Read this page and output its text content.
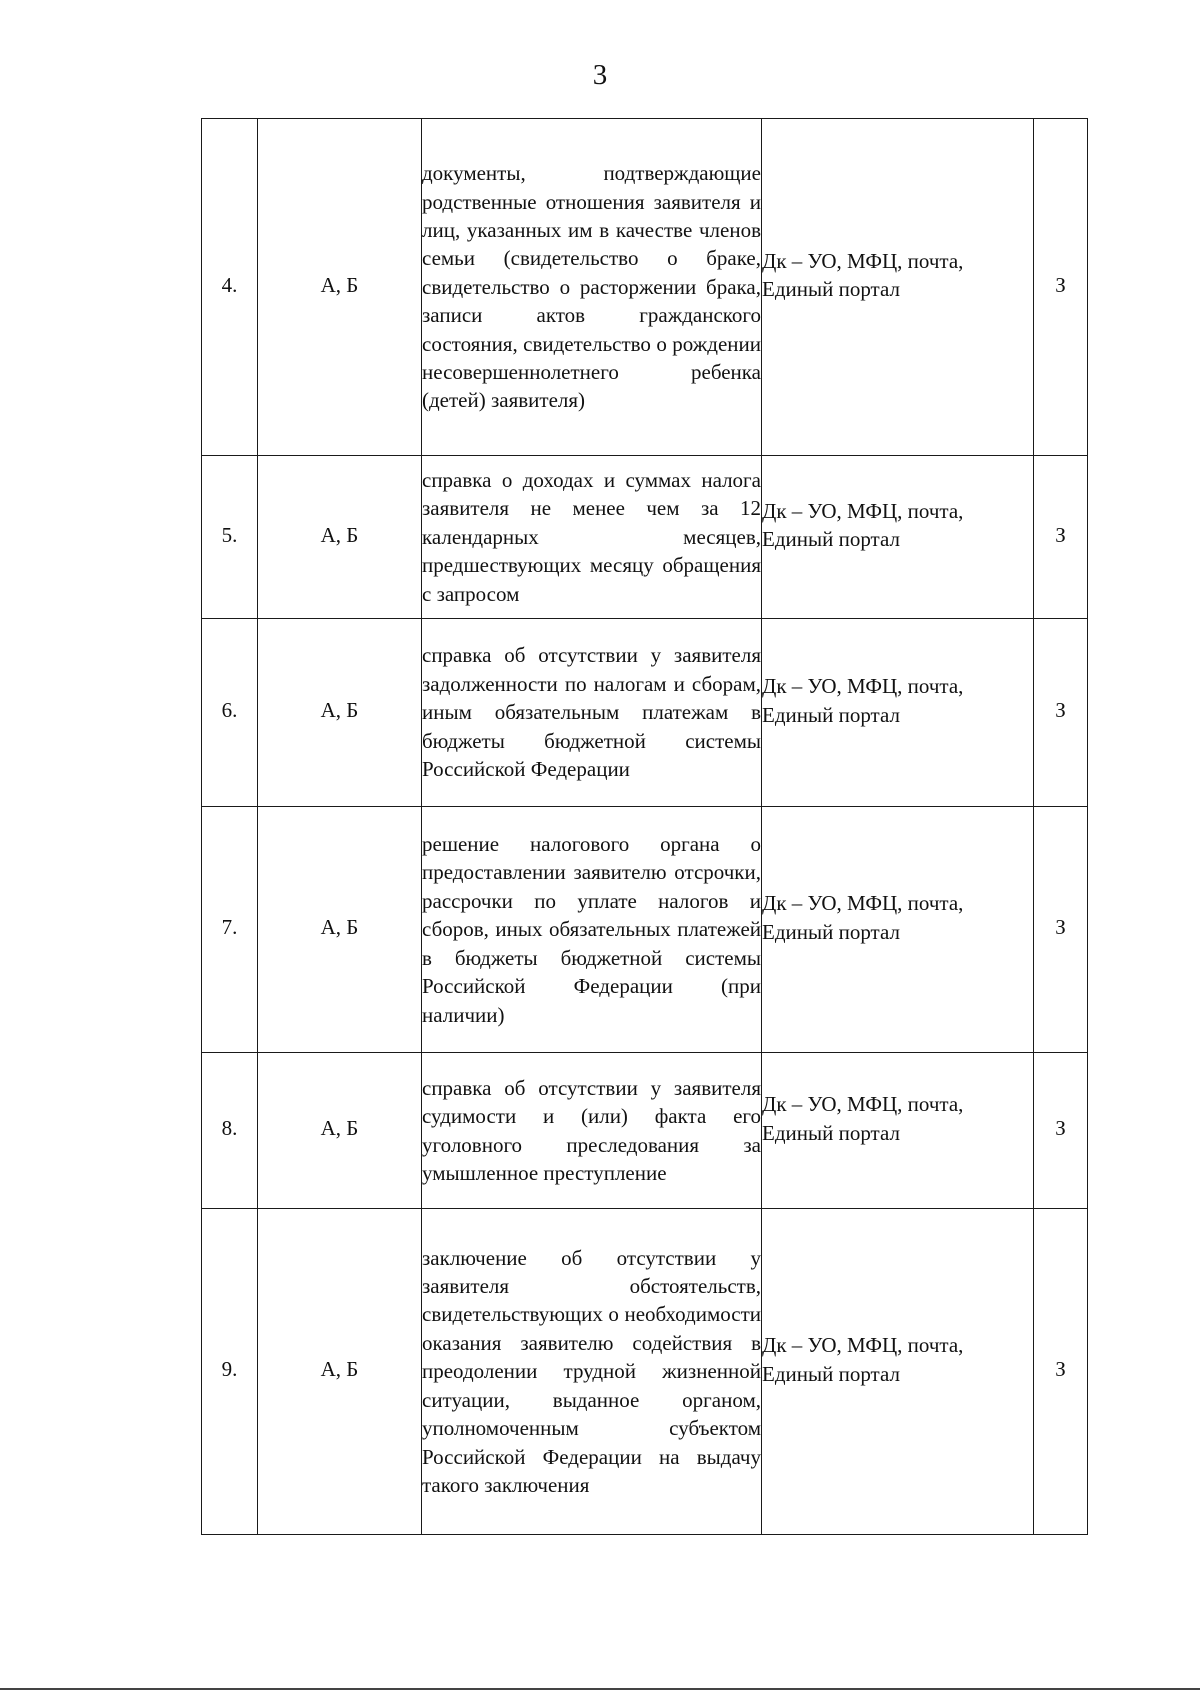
3
4.	А, Б	документы, подтверждающие родственные отношения заявителя и лиц, указанных им в качестве членов семьи (свидетельство о браке, свидетельство о расторжении брака, записи актов гражданского состояния, свидетельство о рождении несовершеннолетнего ребенка (детей) заявителя)	Дк – УО, МФЦ, почта, Единый портал	З

5.	А, Б	справка о доходах и суммах налога заявителя не менее чем за 12 календарных месяцев, предшествующих месяцу обращения с запросом	Дк – УО, МФЦ, почта, Единый портал	З

6.	А, Б	справка об отсутствии у заявителя задолженности по налогам и сборам, иным обязательным платежам в бюджеты бюджетной системы Российской Федерации	Дк – УО, МФЦ, почта, Единый портал	З

7.	А, Б	решение налогового органа о предоставлении заявителю отсрочки, рассрочки по уплате налогов и сборов, иных обязательных платежей в бюджеты бюджетной системы Российской Федерации (при наличии)	Дк – УО, МФЦ, почта, Единый портал	З

8.	А, Б	справка об отсутствии у заявителя судимости и (или) факта его уголовного преследования за умышленное преступление	Дк – УО, МФЦ, почта, Единый портал	З

9.	А, Б	заключение об отсутствии у заявителя обстоятельств, свидетельствующих о необходимости оказания заявителю содействия в преодолении трудной жизненной ситуации, выданное органом, уполномоченным субъектом Российской Федерации на выдачу такого заключения	Дк – УО, МФЦ, почта, Единый портал	З
